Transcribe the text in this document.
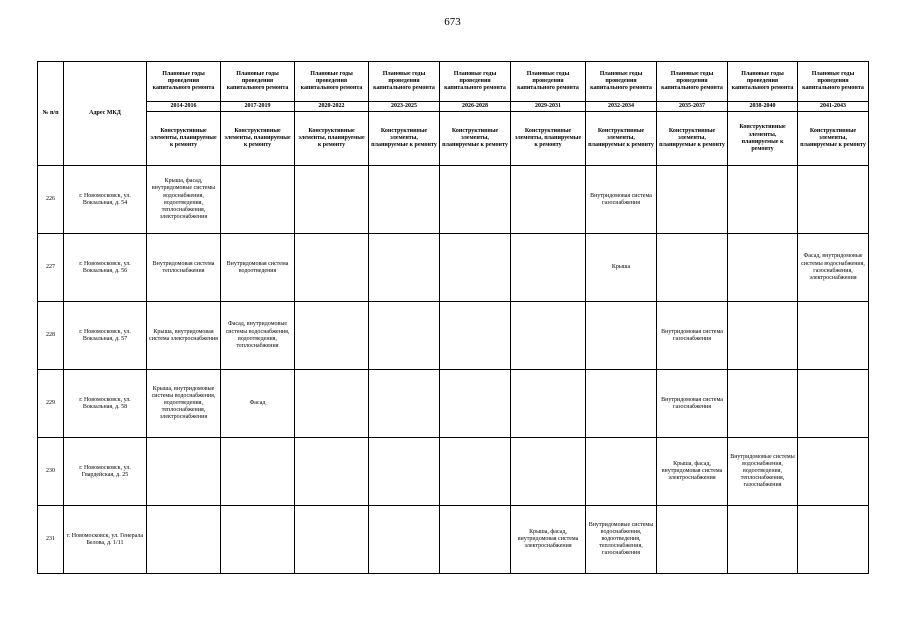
673
№ п/п	Адрес МКД	Плановые годы проведения капитального ремонта	Плановые годы проведения капитального ремонта	Плановые годы проведения капитального ремонта	Плановые годы проведения капитального ремонта	Плановые годы проведения капитального ремонта	Плановые годы проведения капитального ремонта	Плановые годы проведения капитального ремонта	Плановые годы проведения капитального ремонта	Плановые годы проведения капитального ремонта	Плановые годы проведения капитального ремонта
		2014-2016	2017-2019	2020-2022	2023-2025	2026-2028	2029-2031	2032-2034	2035-2037	2038-2040	2041-2043
		Конструктивные элементы, планируемые к ремонту	Конструктивные элементы, планируемые к ремонту	Конструктивные элементы, планируемые к ремонту	Конструктивные элементы, планируемые к ремонту	Конструктивные элементы, планируемые к ремонту	Конструктивные элементы, планируемые к ремонту	Конструктивные элементы, планируемые к ремонту	Конструктивные элементы, планируемые к ремонту	Конструктивные элементы, планируемые к ремонту	Конструктивные элементы, планируемые к ремонту
226	г. Новомосковск, ул. Вокзальная, д. 54	Крыша, фасад, внутридомовые системы водоснабжения, водоотведения, теплоснабжения, электроснабжения						Внутридомовая система газоснабжения			
227	г. Новомосковск, ул. Вокзальная, д. 56	Внутридомовая система теплоснабжения	Внутридомовая система водоотведения					Крыша			Фасад, внутридомовые системы водоснабжения, газоснабжения, электроснабжения
228	г. Новомосковск, ул. Вокзальная, д. 57	Крыша, внутридомовая система электроснабжения	Фасад, внутридомовые системы водоснабжения, водоотведения, теплоснабжения						Внутридомовая система газоснабжения		
229	г. Новомосковск, ул. Вокзальная, д. 58	Крыша, внутридомовые системы водоснабжения, водоотведения, теплоснабжения, электроснабжения	Фасад						Внутридомовая система газоснабжения		
230	г. Новомосковск, ул. Гвардейская, д. 25								Крыша, фасад, внутридомовая система электроснабжения	Внутридомовые системы водоснабжения, водоотведения, теплоснабжения, газоснабжения	
231	г. Новомосковск, ул. Генерала Белова, д. 1/11						Крыша, фасад, внутридомовая система электроснабжения	Внутридомовые системы водоснабжения, водоотведения, теплоснабжения, газоснабжения			
